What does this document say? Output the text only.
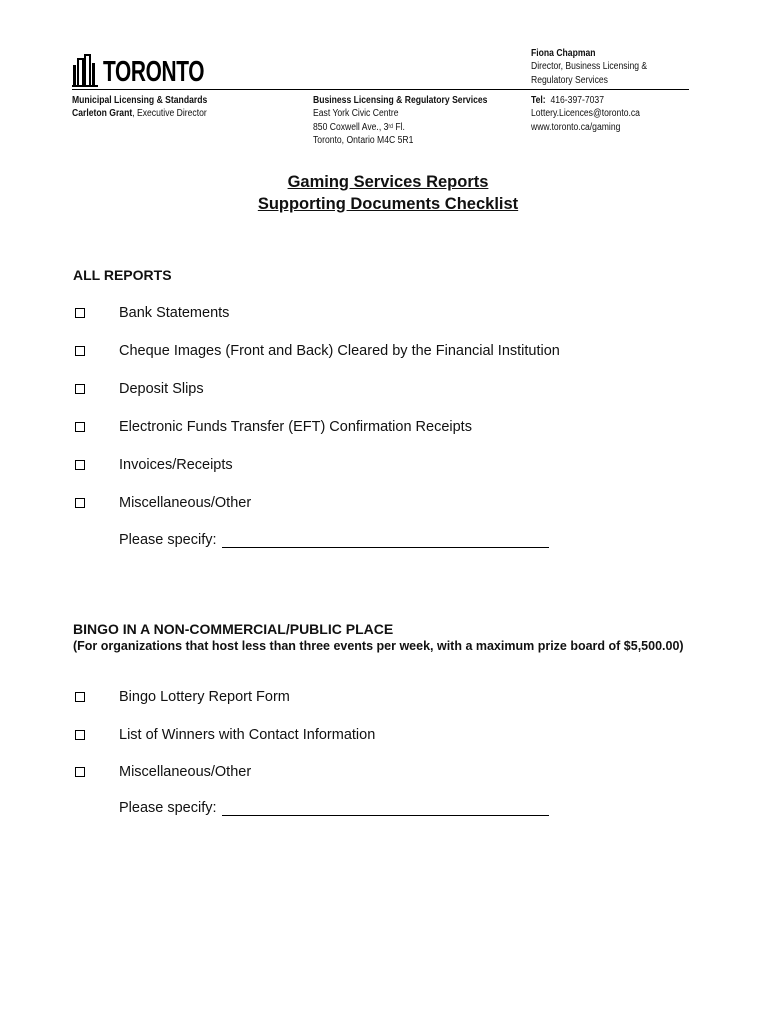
TORONTO
Fiona Chapman
Director, Business Licensing &
Regulatory Services
Municipal Licensing & Standards
Carleton Grant, Executive Director
Business Licensing & Regulatory Services
East York Civic Centre
850 Coxwell Ave., 3rd Fl.
Toronto, Ontario M4C 5R1
Tel: 416-397-7037
Lottery.Licences@toronto.ca
www.toronto.ca/gaming
Gaming Services Reports
Supporting Documents Checklist
ALL REPORTS
Bank Statements
Cheque Images (Front and Back) Cleared by the Financial Institution
Deposit Slips
Electronic Funds Transfer (EFT) Confirmation Receipts
Invoices/Receipts
Miscellaneous/Other
Please specify:
BINGO IN A NON-COMMERCIAL/PUBLIC PLACE
(For organizations that host less than three events per week, with a maximum prize board of $5,500.00)
Bingo Lottery Report Form
List of Winners with Contact Information
Miscellaneous/Other
Please specify:
